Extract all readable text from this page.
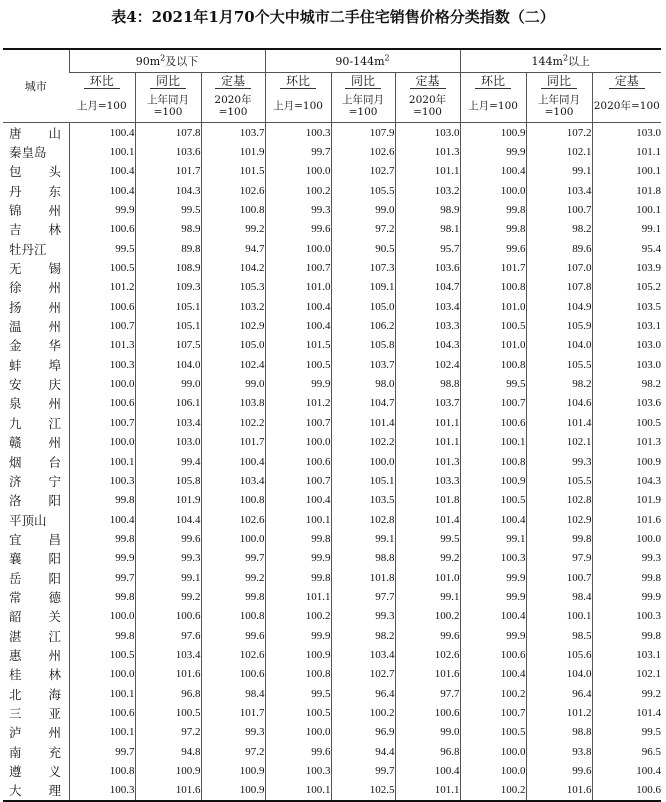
表4：2021年1月70个大中城市二手住宅销售价格分类指数（二）
城市	$90m^2$及以下			$90-144m^2$			$144m^2$以上		
	环比	同比	定基	环比	同比	定基	环比	同比	定基
	上月=100	上年同月=100	2020年=100	上月=100	上年同月=100	2020年=100	上月=100	上年同月=100	2020年=100

唐 山	100.4	107.8	103.7	100.3	107.9	103.0	100.9	107.2	103.0

秦皇岛	100.1	103.6	101.9	99.7	102.6	101.3	99.9	102.1	101.1

包 头	100.4	101.7	101.5	100.0	102.7	101.1	100.4	99.1	100.1

丹 东	100.4	104.3	102.6	100.2	105.5	103.2	100.0	103.4	101.8

锦 州	99.9	99.5	100.8	99.3	99.0	98.9	99.8	100.7	100.1

吉 林	100.6	98.9	99.2	99.6	97.2	98.1	99.8	98.2	99.1

牡丹江	99.5	89.8	94.7	100.0	90.5	95.7	99.6	89.6	95.4

无 锡	100.5	108.9	104.2	100.7	107.3	103.6	101.7	107.0	103.9

徐 州	101.2	109.3	105.3	101.0	109.1	104.7	100.8	107.8	105.2

扬 州	100.6	105.1	103.2	100.4	105.0	103.4	101.0	104.9	103.5

温 州	100.7	105.1	102.9	100.4	106.2	103.3	100.5	105.9	103.1

金 华	101.3	107.5	105.0	101.5	105.8	104.3	101.0	104.0	103.0

蚌 埠	100.3	104.0	102.4	100.5	103.7	102.4	100.8	105.5	103.0

安 庆	100.0	99.0	99.0	99.9	98.0	98.8	99.5	98.2	98.2

泉 州	100.6	106.1	103.8	101.2	104.7	103.7	100.7	104.6	103.6

九 江	100.7	103.4	102.2	100.7	101.4	101.1	100.6	101.4	100.5

赣 州	100.0	103.0	101.7	100.0	102.2	101.1	100.1	102.1	101.3

烟 台	100.1	99.4	100.4	100.6	100.0	101.3	100.8	99.3	100.9

济 宁	100.3	105.8	103.4	100.7	105.1	103.3	100.9	105.5	104.3

洛 阳	99.8	101.9	100.8	100.4	103.5	101.8	100.5	102.8	101.9

平顶山	100.4	104.4	102.6	100.1	102.8	101.4	100.4	102.9	101.6

宜 昌	99.8	99.6	100.0	99.8	99.1	99.5	99.1	99.8	100.0

襄 阳	99.9	99.3	99.7	99.9	98.8	99.2	100.3	97.9	99.3

岳 阳	99.7	99.1	99.2	99.8	101.8	101.0	99.9	100.7	99.8

常 德	99.8	99.2	99.8	101.1	97.7	99.1	99.9	98.4	99.9

韶 关	100.0	100.6	100.8	100.2	99.3	100.2	100.4	100.1	100.3

湛 江	99.8	97.6	99.6	99.9	98.2	99.6	99.9	98.5	99.8

惠 州	100.5	103.4	102.6	100.9	103.4	102.6	100.6	105.6	103.1

桂 林	100.0	101.6	100.6	100.8	102.7	101.6	100.4	104.0	102.1

北 海	100.1	96.8	98.4	99.5	96.4	97.7	100.2	96.4	99.2

三 亚	100.6	100.5	101.7	100.5	100.2	100.6	100.7	101.2	101.4

泸 州	100.1	97.2	99.3	100.0	96.9	99.0	100.5	98.8	99.5

南 充	99.7	94.8	97.2	99.6	94.4	96.8	100.0	93.8	96.5

遵 义	100.8	100.9	100.9	100.3	99.7	100.4	100.0	99.6	100.4

大 理	100.3	101.6	100.9	100.1	102.5	101.1	100.2	101.6	100.6
